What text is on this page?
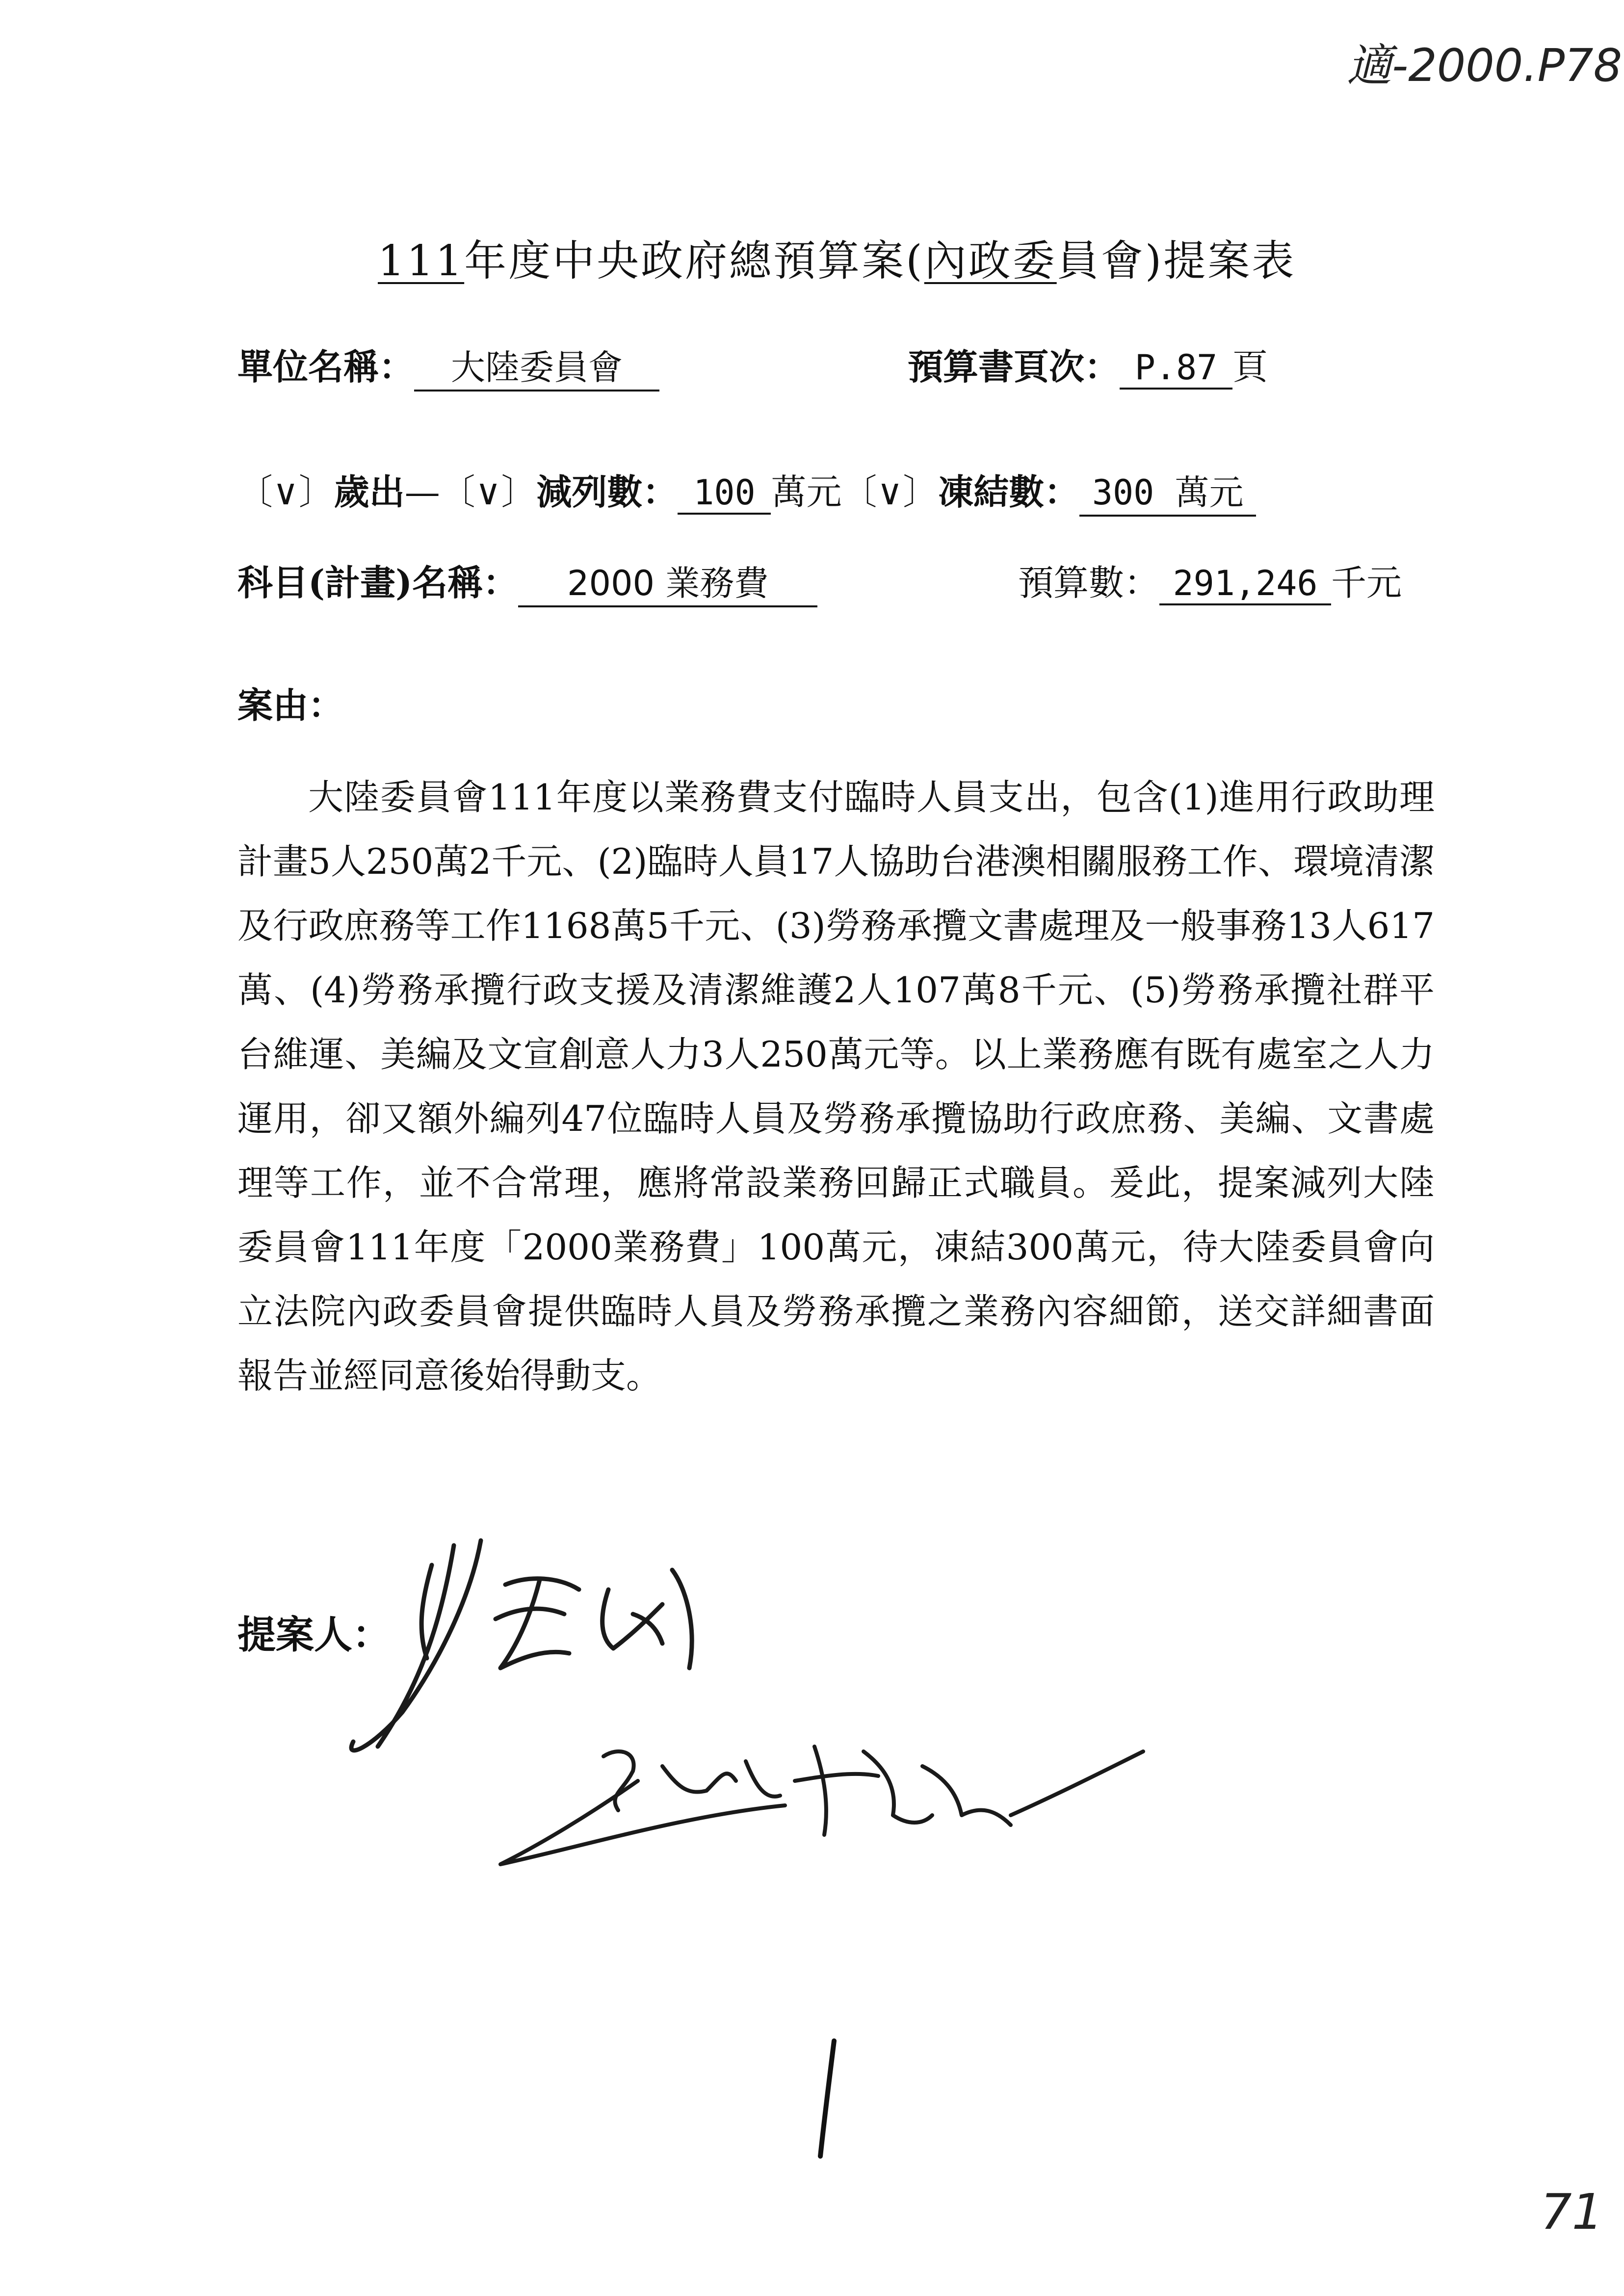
適-2000.P78
111年度中央政府總預算案(內政委員會)提案表
單位名稱： 大陸委員會	預算書頁次： P.87 頁
〔∨〕歲出—〔∨〕減列數： 100 萬元〔∨〕凍結數： 300 萬元
科目(計畫)名稱： 2000 業務費	預算數： 291,246 千元
案由：
大陸委員會111年度以業務費支付臨時人員支出，包含(1)進用行政助理計畫5人250萬2千元、(2)臨時人員17人協助台港澳相關服務工作、環境清潔及行政庶務等工作1168萬5千元、(3)勞務承攬文書處理及一般事務13人617萬、(4)勞務承攬行政支援及清潔維護2人107萬8千元、(5)勞務承攬社群平台維運、美編及文宣創意人力3人250萬元等。以上業務應有既有處室之人力運用，卻又額外編列47位臨時人員及勞務承攬協助行政庶務、美編、文書處理等工作，並不合常理，應將常設業務回歸正式職員。爰此，提案減列大陸委員會111年度「2000業務費」100萬元，凍結300萬元，待大陸委員會向立法院內政委員會提供臨時人員及勞務承攬之業務內容細節，送交詳細書面報告並經同意後始得動支。
提案人：
71
